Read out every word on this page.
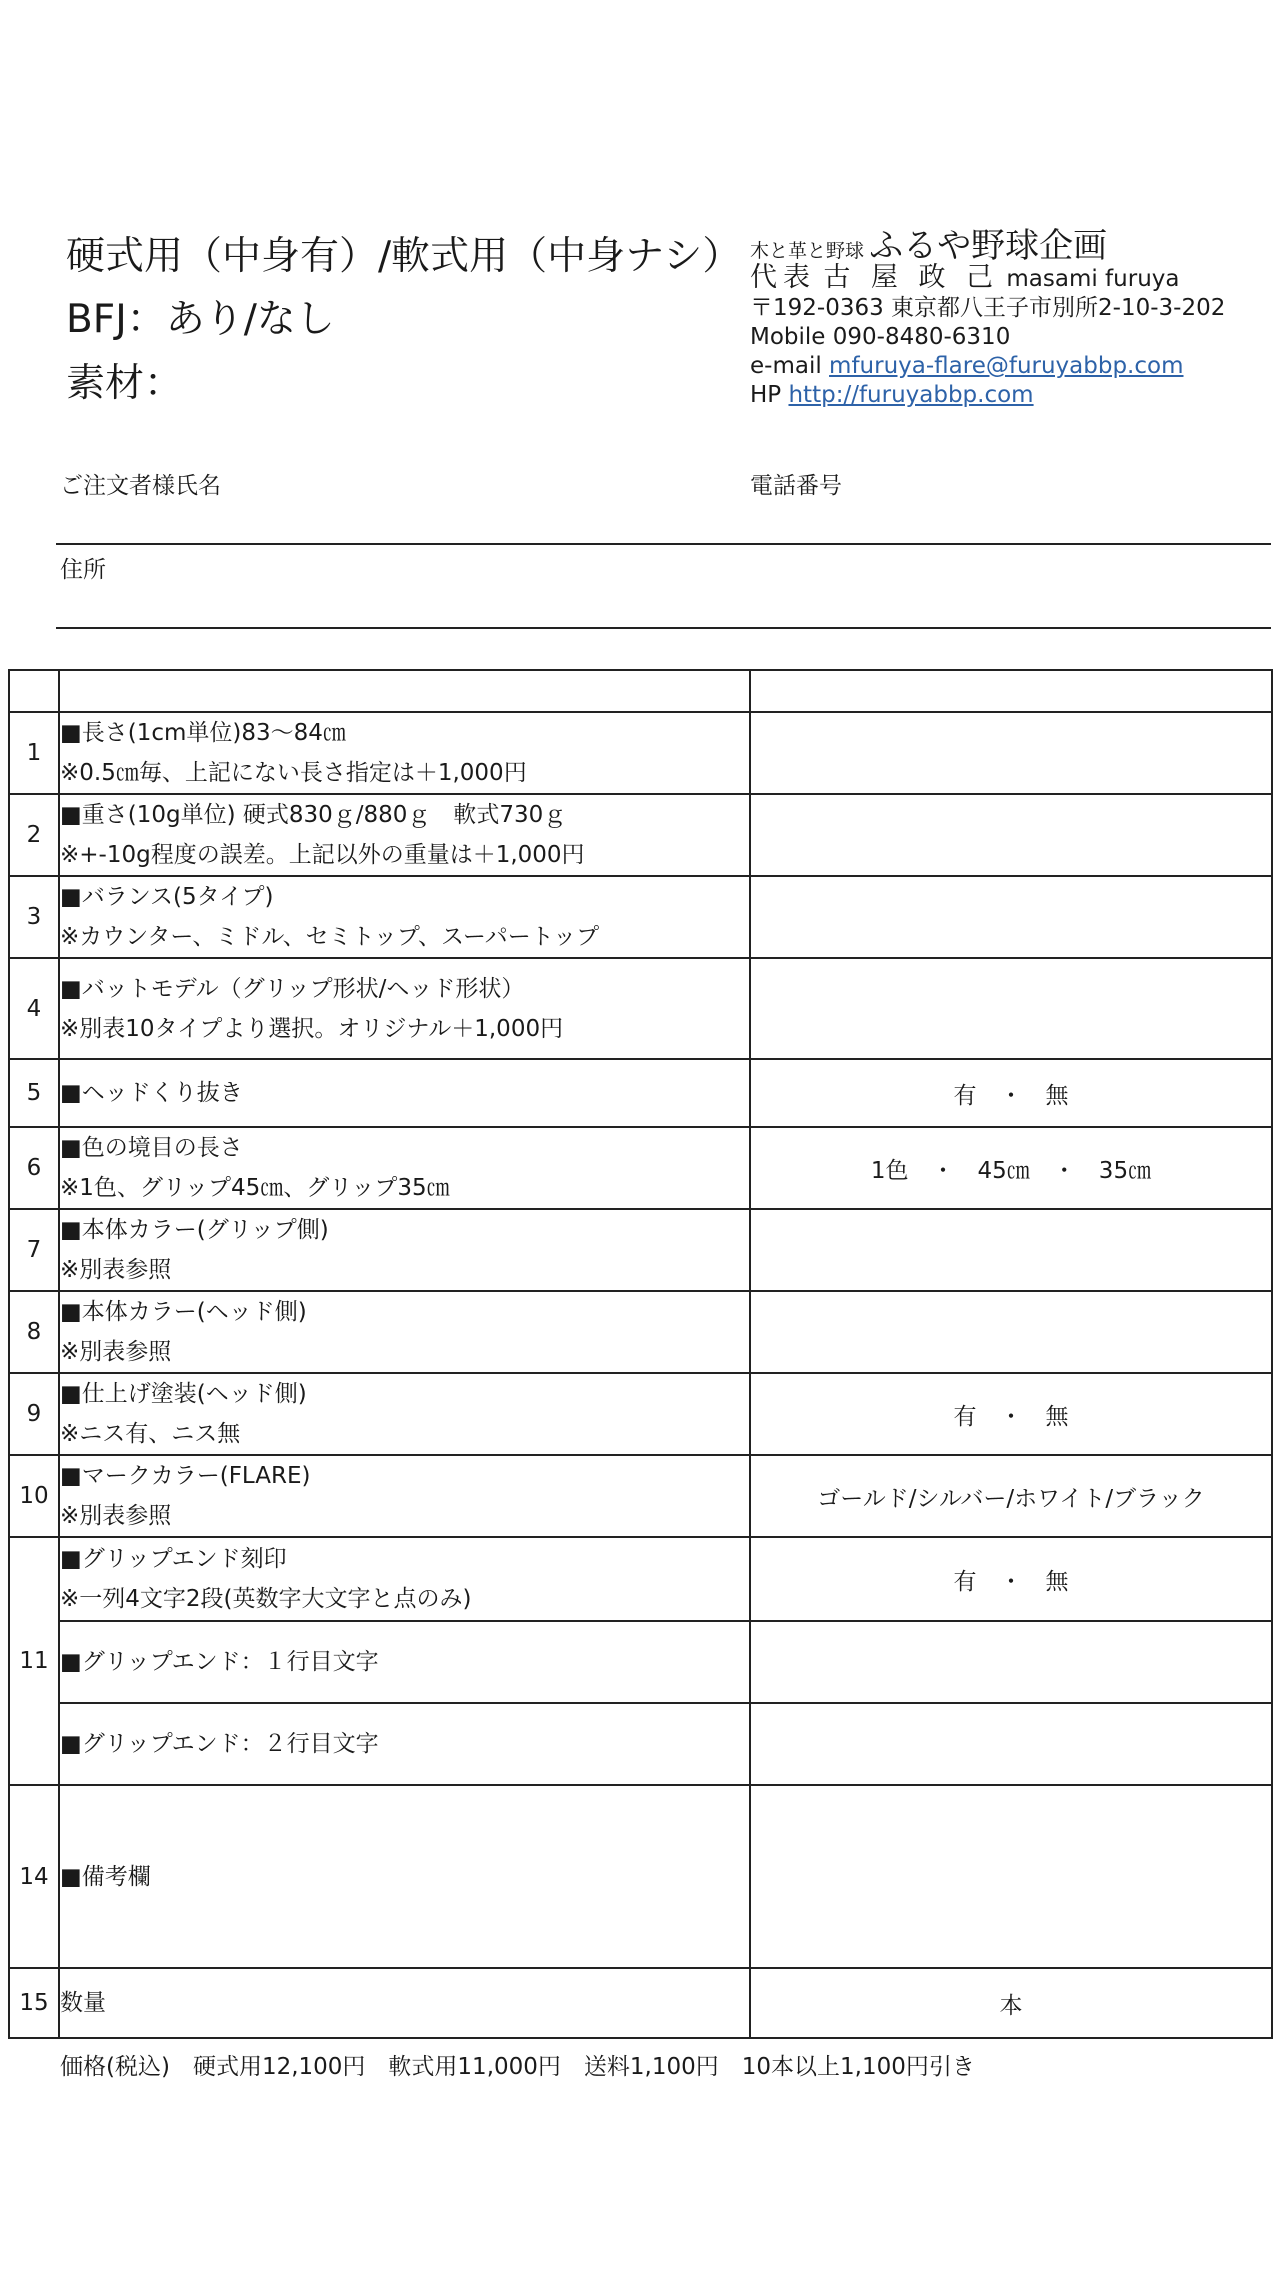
硬式用（中身有）/軟式用（中身ナシ）
BFJ：あり/なし
素材：
木と革と野球 ふるや野球企画
代表 古 屋 政 己 masami furuya
〒192-0363 東京都八王子市別所2-10-3-202
Mobile 090-8480-6310
e-mail mfuruya-flare@furuyabbp.com
HP http://furuyabbp.com
ご注文者様氏名	電話番号
住所

1	■長さ(1cm単位)83～84㎝
※0.5㎝毎、上記にない長さ指定は＋1,000円	

2	■重さ(10g単位) 硬式830ｇ/880ｇ　軟式730ｇ
※+-10g程度の誤差。上記以外の重量は＋1,000円	

3	■バランス(5タイプ)
※カウンター、ミドル、セミトップ、スーパートップ	

4	■バットモデル（グリップ形状/ヘッド形状）
※別表10タイプより選択。オリジナル＋1,000円	

5	■ヘッドくり抜き	有　・　無
6	■色の境目の長さ
※1色、グリップ45㎝、グリップ35㎝	1色　・　45㎝　・　35㎝
7	■本体カラー(グリップ側)
※別表参照	

8	■本体カラー(ヘッド側)
※別表参照	

9	■仕上げ塗装(ヘッド側)
※ニス有、ニス無	有　・　無
10	■マークカラー(FLARE)
※別表参照	ゴールド/シルバー/ホワイト/ブラック
11	■グリップエンド刻印
※一列4文字2段(英数字大文字と点のみ)	有　・　無

	■グリップエンド：１行目文字	

	■グリップエンド：２行目文字	

14	■備考欄	

15	数量	本
価格(税込)　硬式用12,100円　軟式用11,000円　送料1,100円　10本以上1,100円引き
